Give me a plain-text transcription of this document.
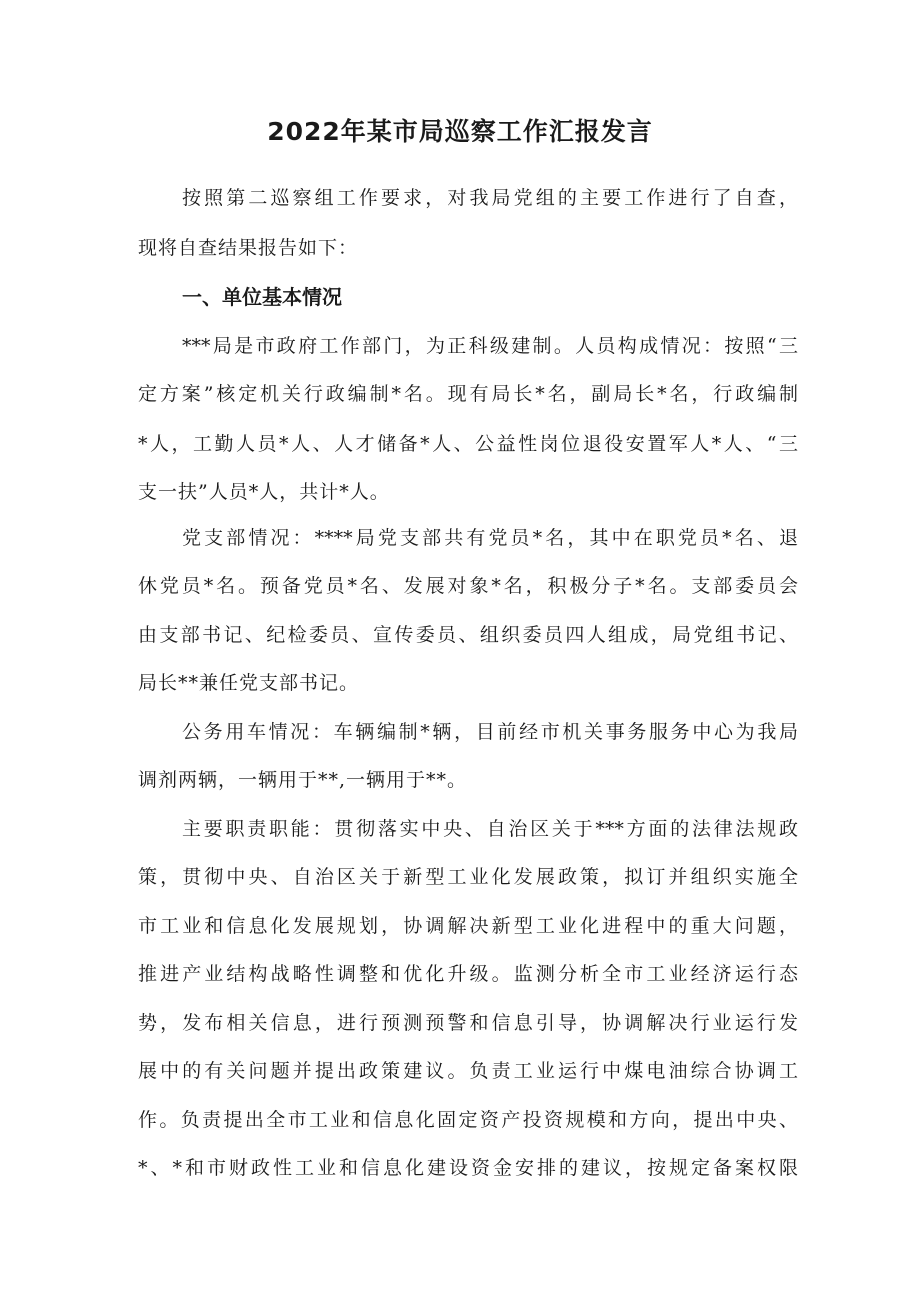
2022年某市局巡察工作汇报发言
按照第二巡察组工作要求，对我局党组的主要工作进行了自查，
现将自查结果报告如下：
一、单位基本情况
***局是市政府工作部门，为正科级建制。人员构成情况：按照“三
定方案”核定机关行政编制*名。现有局长*名，副局长*名，行政编制
*人，工勤人员*人、人才储备*人、公益性岗位退役安置军人*人、“三
支一扶”人员*人，共计*人。
党支部情况：****局党支部共有党员*名，其中在职党员*名、退
休党员*名。预备党员*名、发展对象*名，积极分子*名。支部委员会
由支部书记、纪检委员、宣传委员、组织委员四人组成，局党组书记、
局长**兼任党支部书记。
公务用车情况：车辆编制*辆，目前经市机关事务服务中心为我局
调剂两辆，一辆用于**,一辆用于**。
主要职责职能：贯彻落实中央、自治区关于***方面的法律法规政
策，贯彻中央、自治区关于新型工业化发展政策，拟订并组织实施全
市工业和信息化发展规划，协调解决新型工业化进程中的重大问题，
推进产业结构战略性调整和优化升级。监测分析全市工业经济运行态
势，发布相关信息，进行预测预警和信息引导，协调解决行业运行发
展中的有关问题并提出政策建议。负责工业运行中煤电油综合协调工
作。负责提出全市工业和信息化固定资产投资规模和方向，提出中央、
*、*和市财政性工业和信息化建设资金安排的建议，按规定备案权限
